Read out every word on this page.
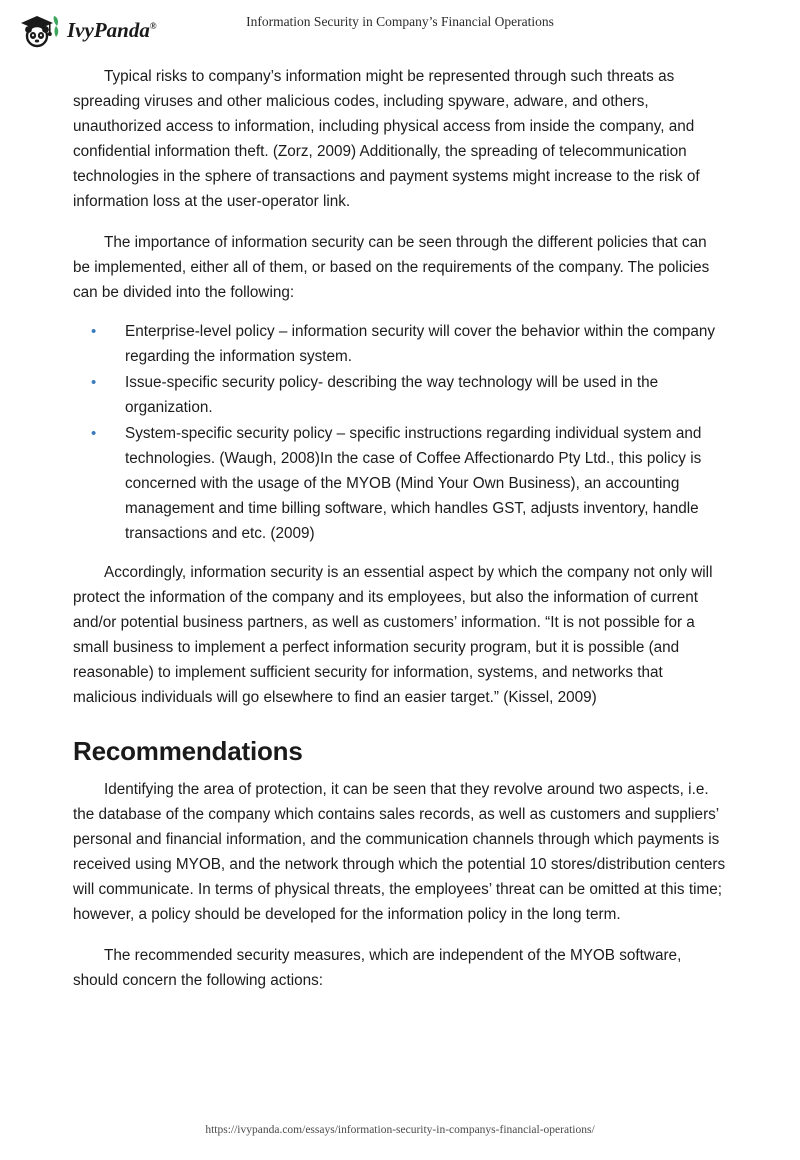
IvyPanda®	Information Security in Company’s Financial Operations

Typical risks to company’s information might be represented through such threats as spreading viruses and other malicious codes, including spyware, adware, and others, unauthorized access to information, including physical access from inside the company, and confidential information theft. (Zorz, 2009) Additionally, the spreading of telecommunication technologies in the sphere of transactions and payment systems might increase to the risk of information loss at the user-operator link.

The importance of information security can be seen through the different policies that can be implemented, either all of them, or based on the requirements of the company. The policies can be divided into the following:

• Enterprise-level policy – information security will cover the behavior within the company regarding the information system.
• Issue-specific security policy- describing the way technology will be used in the organization.
• System-specific security policy – specific instructions regarding individual system and technologies. (Waugh, 2008)In the case of Coffee Affectionardo Pty Ltd., this policy is concerned with the usage of the MYOB (Mind Your Own Business), an accounting management and time billing software, which handles GST, adjusts inventory, handle transactions and etc. (2009)

Accordingly, information security is an essential aspect by which the company not only will protect the information of the company and its employees, but also the information of current and/or potential business partners, as well as customers’ information. “It is not possible for a small business to implement a perfect information security program, but it is possible (and reasonable) to implement sufficient security for information, systems, and networks that malicious individuals will go elsewhere to find an easier target.” (Kissel, 2009)

Recommendations

Identifying the area of protection, it can be seen that they revolve around two aspects, i.e. the database of the company which contains sales records, as well as customers and suppliers’ personal and financial information, and the communication channels through which payments is received using MYOB, and the network through which the potential 10 stores/distribution centers will communicate. In terms of physical threats, the employees’ threat can be omitted at this time; however, a policy should be developed for the information policy in the long term.

The recommended security measures, which are independent of the MYOB software, should concern the following actions:

https://ivypanda.com/essays/information-security-in-companys-financial-operations/
